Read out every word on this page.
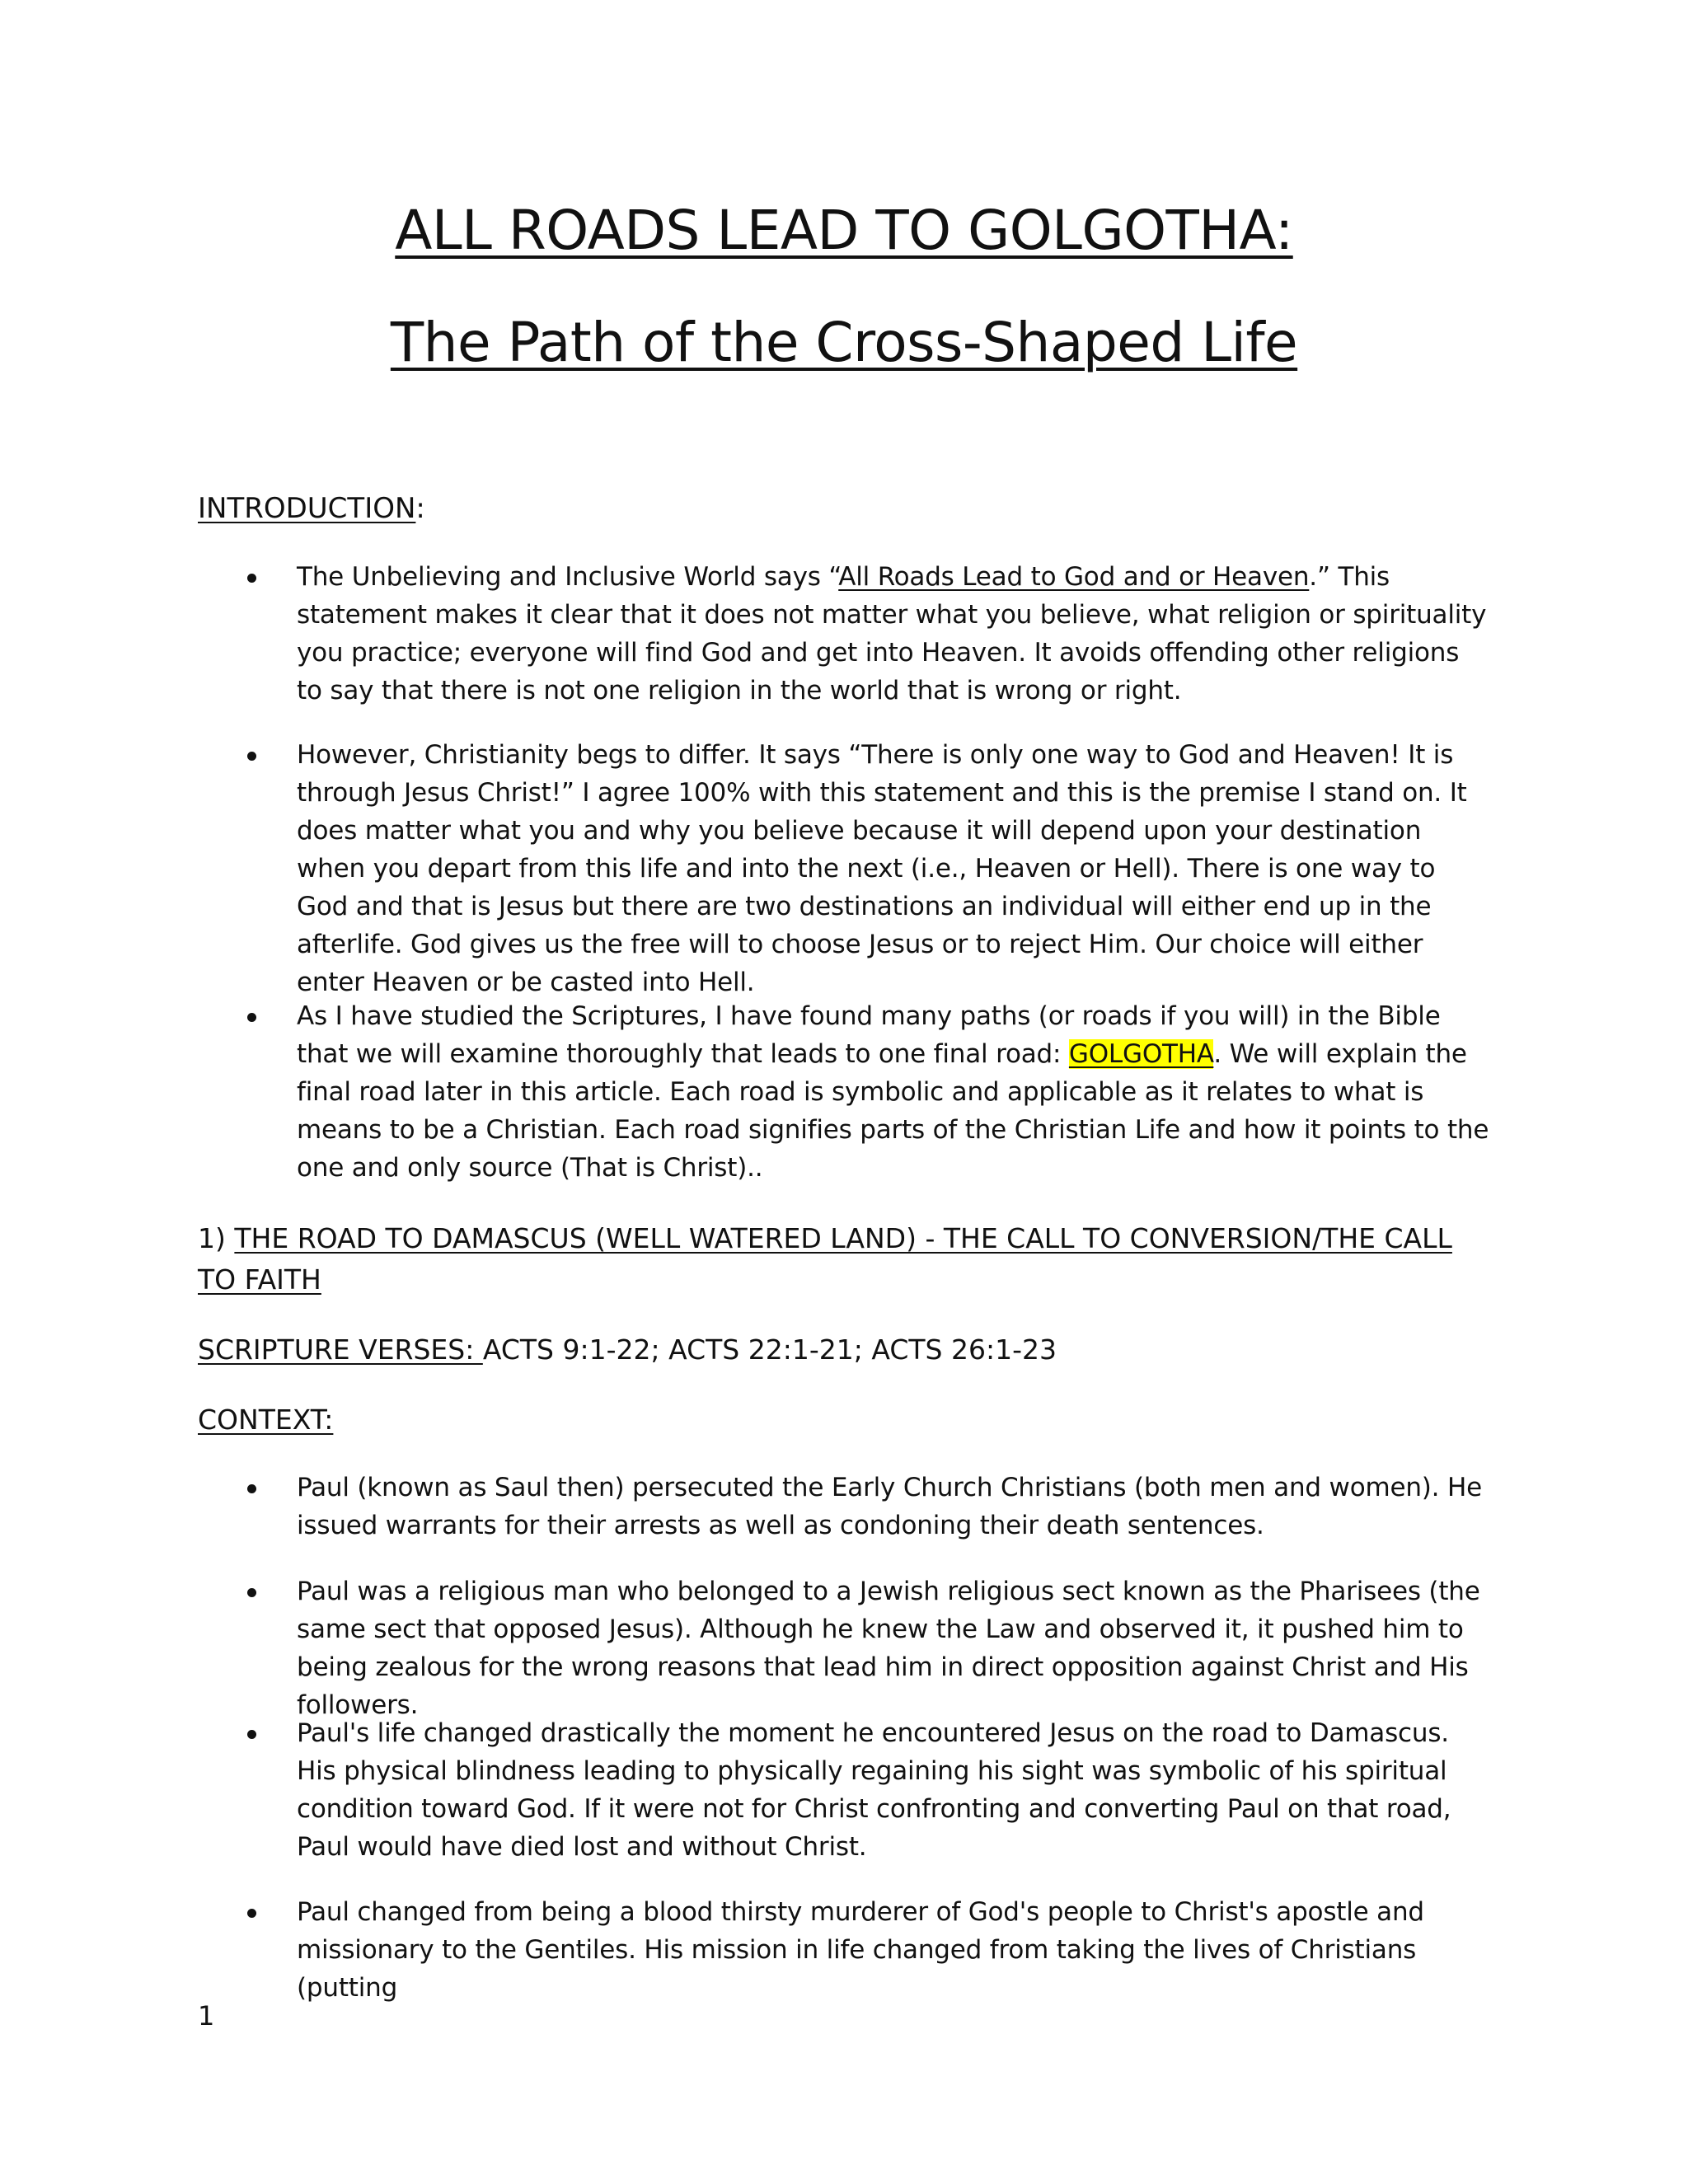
ALL ROADS LEAD TO GOLGOTHA:
The Path of the Cross-Shaped Life
INTRODUCTION:
The Unbelieving and Inclusive World says “All Roads Lead to God and or Heaven.” This statement makes it clear that it does not matter what you believe, what religion or spirituality you practice; everyone will find God and get into Heaven. It avoids offending other religions to say that there is not one religion in the world that is wrong or right.
However, Christianity begs to differ. It says “There is only one way to God and Heaven! It is through Jesus Christ!” I agree 100% with this statement and this is the premise I stand on. It does matter what you and why you believe because it will depend upon your destination when you depart from this life and into the next (i.e., Heaven or Hell). There is one way to God and that is Jesus but there are two destinations an individual will either end up in the afterlife. God gives us the free will to choose Jesus or to reject Him. Our choice will either enter Heaven or be casted into Hell.
As I have studied the Scriptures, I have found many paths (or roads if you will) in the Bible that we will examine thoroughly that leads to one final road: GOLGOTHA. We will explain the final road later in this article. Each road is symbolic and applicable as it relates to what is means to be a Christian. Each road signifies parts of the Christian Life and how it points to the one and only source (That is Christ)..
1) THE ROAD TO DAMASCUS (WELL WATERED LAND) - THE CALL TO CONVERSION/THE CALL TO FAITH
SCRIPTURE VERSES: ACTS 9:1-22; ACTS 22:1-21; ACTS 26:1-23
CONTEXT:
Paul (known as Saul then) persecuted the Early Church Christians (both men and women). He issued warrants for their arrests as well as condoning their death sentences.
Paul was a religious man who belonged to a Jewish religious sect known as the Pharisees (the same sect that opposed Jesus). Although he knew the Law and observed it, it pushed him to being zealous for the wrong reasons that lead him in direct opposition against Christ and His followers.
Paul's life changed drastically the moment he encountered Jesus on the road to Damascus. His physical blindness leading to physically regaining his sight was symbolic of his spiritual condition toward God. If it were not for Christ confronting and converting Paul on that road, Paul would have died lost and without Christ.
Paul changed from being a blood thirsty murderer of God's people to Christ's apostle and missionary to the Gentiles. His mission in life changed from taking the lives of Christians (putting
1
